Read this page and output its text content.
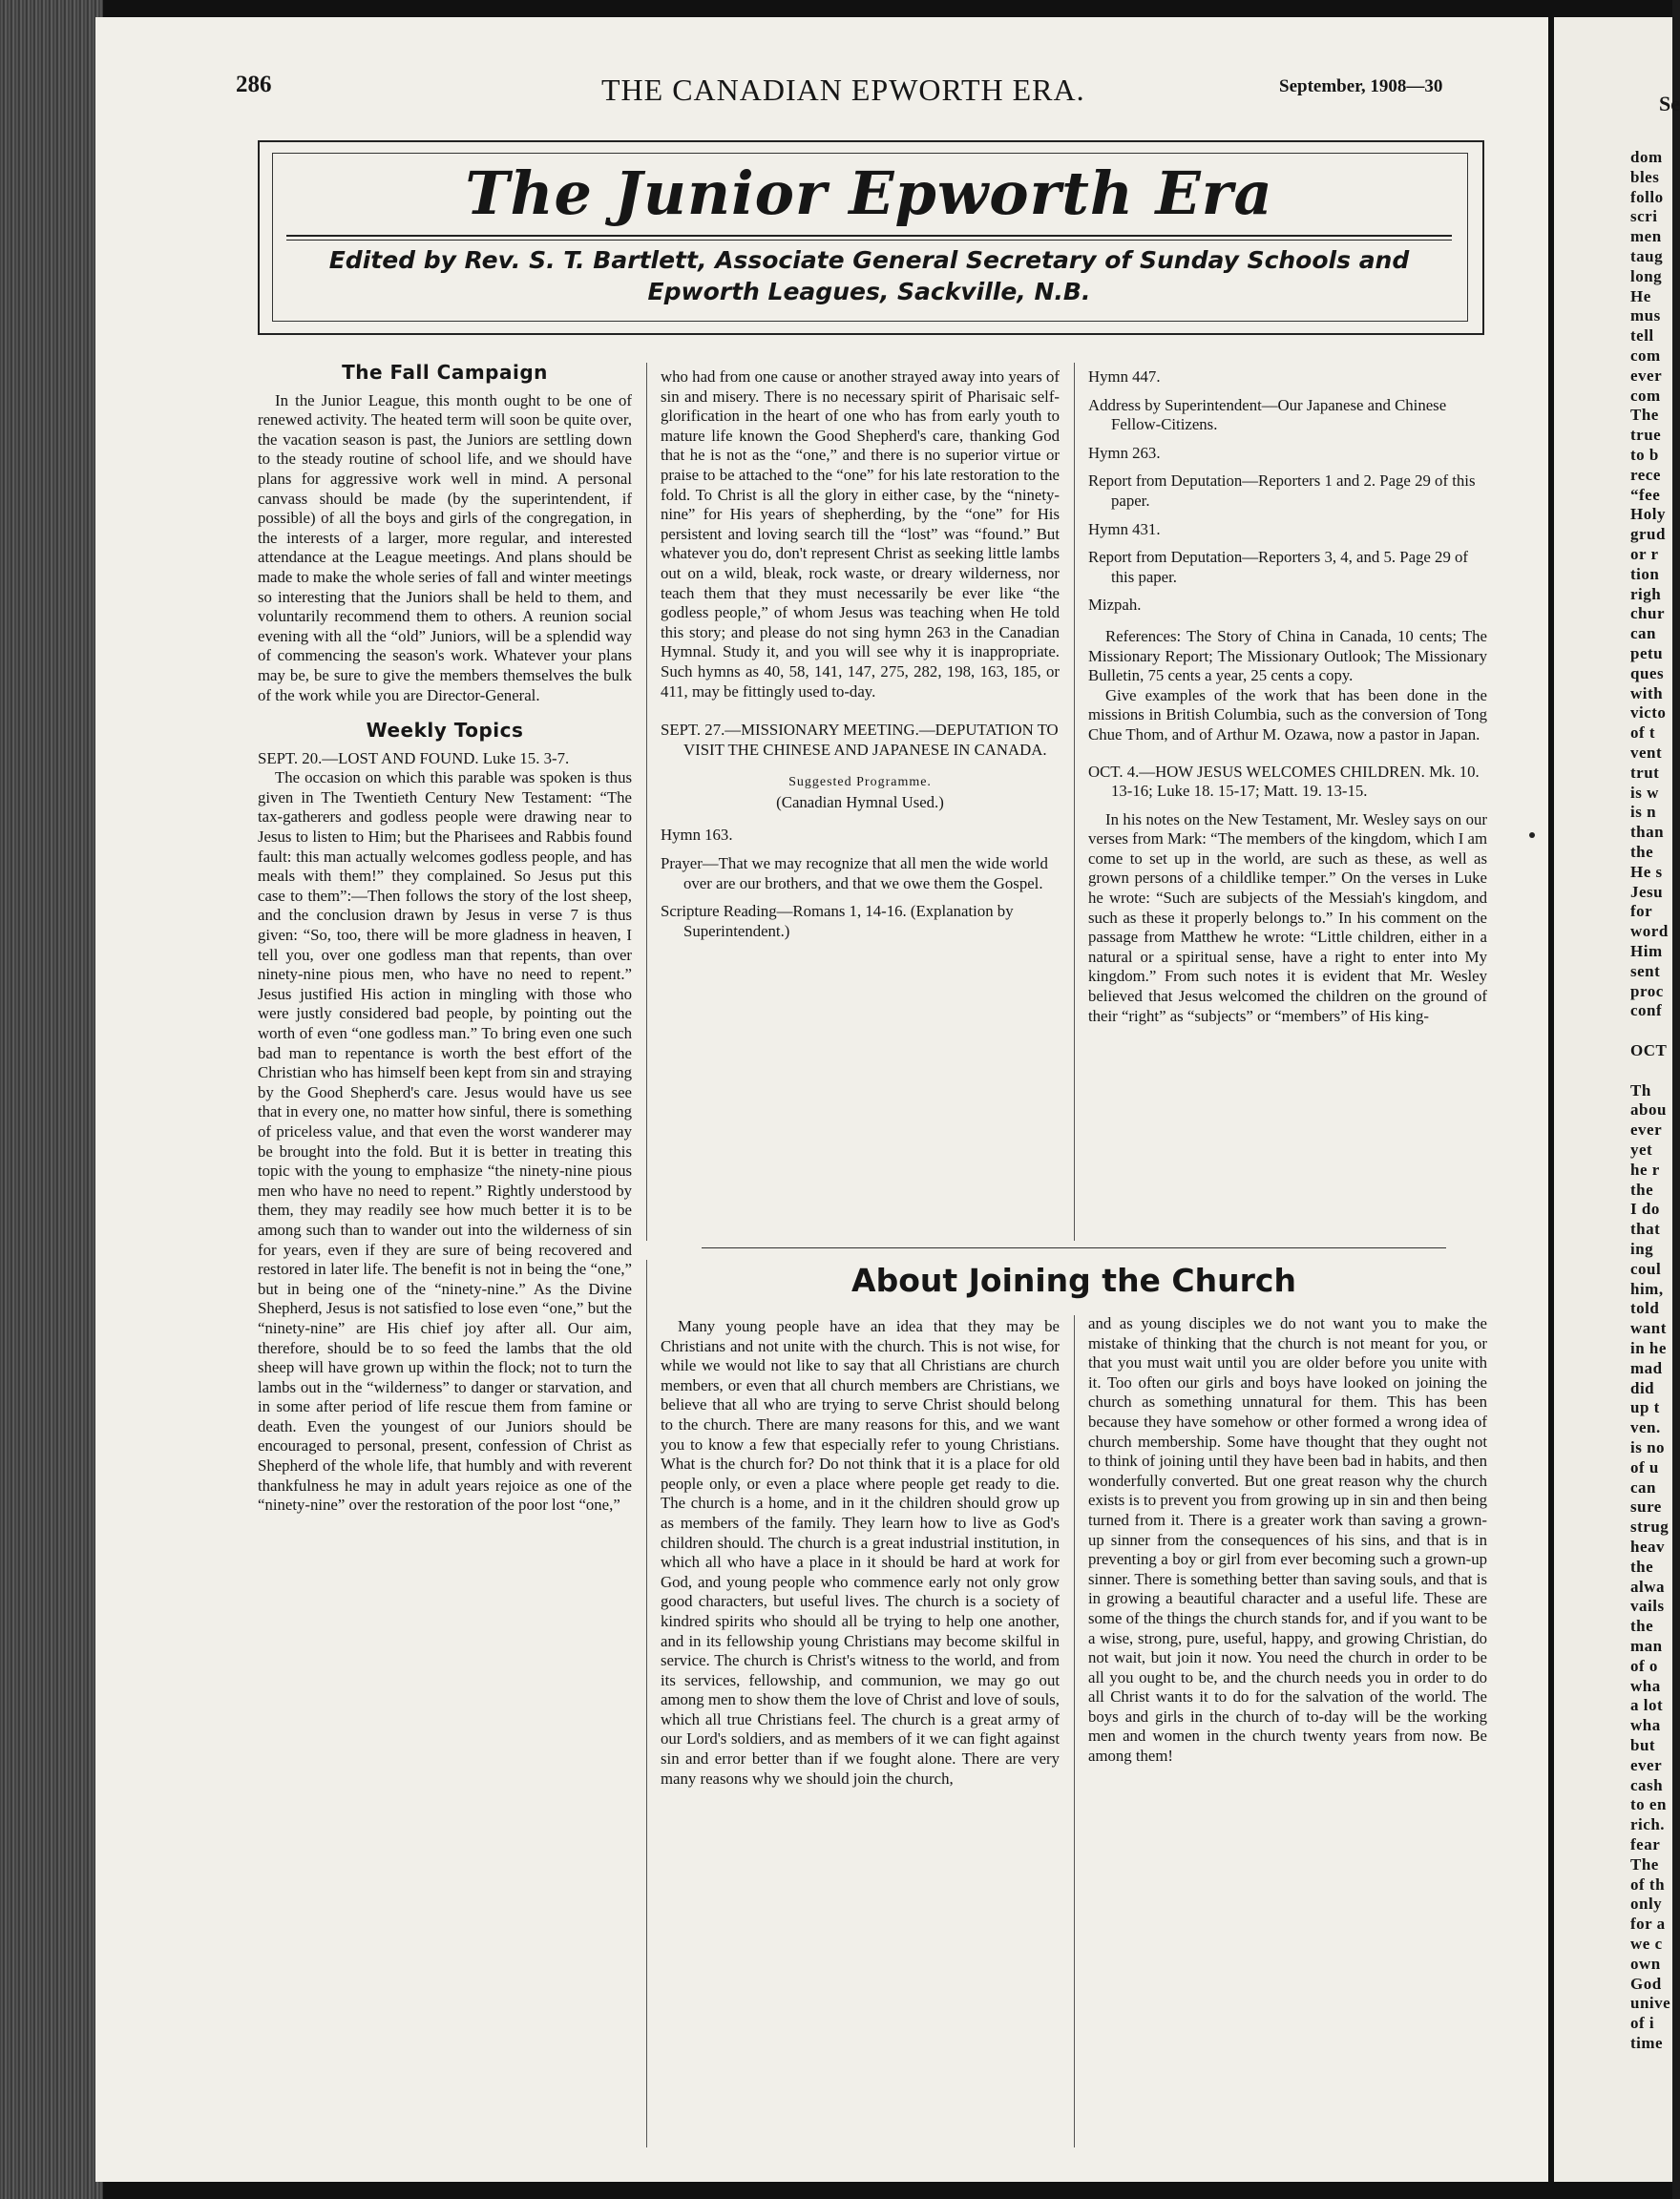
Se
dom
bles
follo
scri
men
taug
long
He
mus
tell
com
ever
com
The
true
to b
rece
“fee
Holy
grud
or r
tion
righ
chur
can
petu
ques
with
victo
of t
vent
trut
is w
is n
than
the
He s
Jesu
for
word
Him
sent
proc
conf
OCT
Th
abou
ever
yet
he r
the
I do
that
ing
coul
him,
told
want
in he
mad
did
up t
ven.
is no
of u
can
sure
strug
heav
the
alwa
vails
the
man
of o
wha
a lot
wha
but
ever
cash
to en
rich.
fear
The
of th
only
for a
we c
own
God
unive
of i
time
286	THE CANADIAN EPWORTH ERA.	September, 1908—30
The Junior Epworth Era
Edited by Rev. S. T. Bartlett, Associate General Secretary of Sunday Schools and
Epworth Leagues, Sackville, N.B.
The Fall Campaign

In the Junior League, this month ought to be one of renewed activity. The heated term will soon be quite over, the vacation season is past, the Juniors are settling down to the steady routine of school life, and we should have plans for aggressive work well in mind. A personal canvass should be made (by the superintendent, if possible) of all the boys and girls of the congregation, in the interests of a larger, more regular, and interested attendance at the League meetings. And plans should be made to make the whole series of fall and winter meetings so interesting that the Juniors shall be held to them, and voluntarily recommend them to others. A reunion social evening with all the “old” Juniors, will be a splendid way of commencing the season's work. Whatever your plans may be, be sure to give the members themselves the bulk of the work while you are Director-General.

Weekly Topics

SEPT. 20.—LOST AND FOUND. Luke 15. 3-7.

The occasion on which this parable was spoken is thus given in The Twentieth Century New Testament: “The tax-gatherers and godless people were drawing near to Jesus to listen to Him; but the Pharisees and Rabbis found fault: this man actually welcomes godless people, and has meals with them!” they complained. So Jesus put this case to them”:—Then follows the story of the lost sheep, and the conclusion drawn by Jesus in verse 7 is thus given: “So, too, there will be more gladness in heaven, I tell you, over one godless man that repents, than over ninety-nine pious men, who have no need to repent.” Jesus justified His action in mingling with those who were justly considered bad people, by pointing out the worth of even “one godless man.” To bring even one such bad man to repentance is worth the best effort of the Christian who has himself been kept from sin and straying by the Good Shepherd's care. Jesus would have us see that in every one, no matter how sinful, there is something of priceless value, and that even the worst wanderer may be brought into the fold. But it is better in treating this topic with the young to emphasize “the ninety-nine pious men who have no need to repent.” Rightly understood by them, they may readily see how much better it is to be among such than to wander out into the wilderness of sin for years, even if they are sure of being recovered and restored in later life. The benefit is not in being the “one,” but in being one of the “ninety-nine.” As the Divine Shepherd, Jesus is not satisfied to lose even “one,” but the “ninety-nine” are His chief joy after all. Our aim, therefore, should be to so feed the lambs that the old sheep will have grown up within the flock; not to turn the lambs out in the “wilderness” to danger or starvation, and in some after period of life rescue them from famine or death. Even the youngest of our Juniors should be encouraged to personal, present, confession of Christ as Shepherd of the whole life, that humbly and with reverent thankfulness he may in adult years rejoice as one of the “ninety-nine” over the restoration of the poor lost “one,”

who had from one cause or another strayed away into years of sin and misery. There is no necessary spirit of Pharisaic self-glorification in the heart of one who has from early youth to mature life known the Good Shepherd's care, thanking God that he is not as the “one,” and there is no superior virtue or praise to be attached to the “one” for his late restoration to the fold. To Christ is all the glory in either case, by the “ninety-nine” for His years of shepherding, by the “one” for His persistent and loving search till the “lost” was “found.” But whatever you do, don't represent Christ as seeking little lambs out on a wild, bleak, rock waste, or dreary wilderness, nor teach them that they must necessarily be ever like “the godless people,” of whom Jesus was teaching when He told this story; and please do not sing hymn 263 in the Canadian Hymnal. Study it, and you will see why it is inappropriate. Such hymns as 40, 58, 141, 147, 275, 282, 198, 163, 185, or 411, may be fittingly used to-day.

SEPT. 27.—MISSIONARY MEETING.—DEPUTATION TO VISIT THE CHINESE AND JAPANESE IN CANADA.

Suggested Programme.
(Canadian Hymnal Used.)

Hymn 163.

Prayer—That we may recognize that all men the wide world over are our brothers, and that we owe them the Gospel.

Scripture Reading—Romans 1, 14-16. (Explanation by Superintendent.)

Hymn 447.

Address by Superintendent—Our Japanese and Chinese Fellow-Citizens.

Hymn 263.

Report from Deputation—Reporters 1 and 2. Page 29 of this paper.

Hymn 431.

Report from Deputation—Reporters 3, 4, and 5. Page 29 of this paper.

Mizpah.

References: The Story of China in Canada, 10 cents; The Missionary Report; The Missionary Outlook; The Missionary Bulletin, 75 cents a year, 25 cents a copy.

Give examples of the work that has been done in the missions in British Columbia, such as the conversion of Tong Chue Thom, and of Arthur M. Ozawa, now a pastor in Japan.

OCT. 4.—HOW JESUS WELCOMES CHILDREN. Mk. 10. 13-16; Luke 18. 15-17; Matt. 19. 13-15.

In his notes on the New Testament, Mr. Wesley says on our verses from Mark: “The members of the kingdom, which I am come to set up in the world, are such as these, as well as grown persons of a childlike temper.” On the verses in Luke he wrote: “Such are subjects of the Messiah's kingdom, and such as these it properly belongs to.” In his comment on the passage from Matthew he wrote: “Little children, either in a natural or a spiritual sense, have a right to enter into My kingdom.” From such notes it is evident that Mr. Wesley believed that Jesus welcomed the children on the ground of their “right” as “subjects” or “members” of His king-

About Joining the Church

Many young people have an idea that they may be Christians and not unite with the church. This is not wise, for while we would not like to say that all Christians are church members, or even that all church members are Christians, we believe that all who are trying to serve Christ should belong to the church. There are many reasons for this, and we want you to know a few that especially refer to young Christians. What is the church for? Do not think that it is a place for old people only, or even a place where people get ready to die. The church is a home, and in it the children should grow up as members of the family. They learn how to live as God's children should. The church is a great industrial institution, in which all who have a place in it should be hard at work for God, and young people who commence early not only grow good characters, but useful lives. The church is a society of kindred spirits who should all be trying to help one another, and in its fellowship young Christians may become skilful in service. The church is Christ's witness to the world, and from its services, fellowship, and communion, we may go out among men to show them the love of Christ and love of souls, which all true Christians feel. The church is a great army of our Lord's soldiers, and as members of it we can fight against sin and error better than if we fought alone. There are very many reasons why we should join the church,

and as young disciples we do not want you to make the mistake of thinking that the church is not meant for you, or that you must wait until you are older before you unite with it. Too often our girls and boys have looked on joining the church as something unnatural for them. This has been because they have somehow or other formed a wrong idea of church membership. Some have thought that they ought not to think of joining until they have been bad in habits, and then wonderfully converted. But one great reason why the church exists is to prevent you from growing up in sin and then being turned from it. There is a greater work than saving a grown-up sinner from the consequences of his sins, and that is in preventing a boy or girl from ever becoming such a grown-up sinner. There is something better than saving souls, and that is in growing a beautiful character and a useful life. These are some of the things the church stands for, and if you want to be a wise, strong, pure, useful, happy, and growing Christian, do not wait, but join it now. You need the church in order to be all you ought to be, and the church needs you in order to do all Christ wants it to do for the salvation of the world. The boys and girls in the church of to-day will be the working men and women in the church twenty years from now. Be among them!
